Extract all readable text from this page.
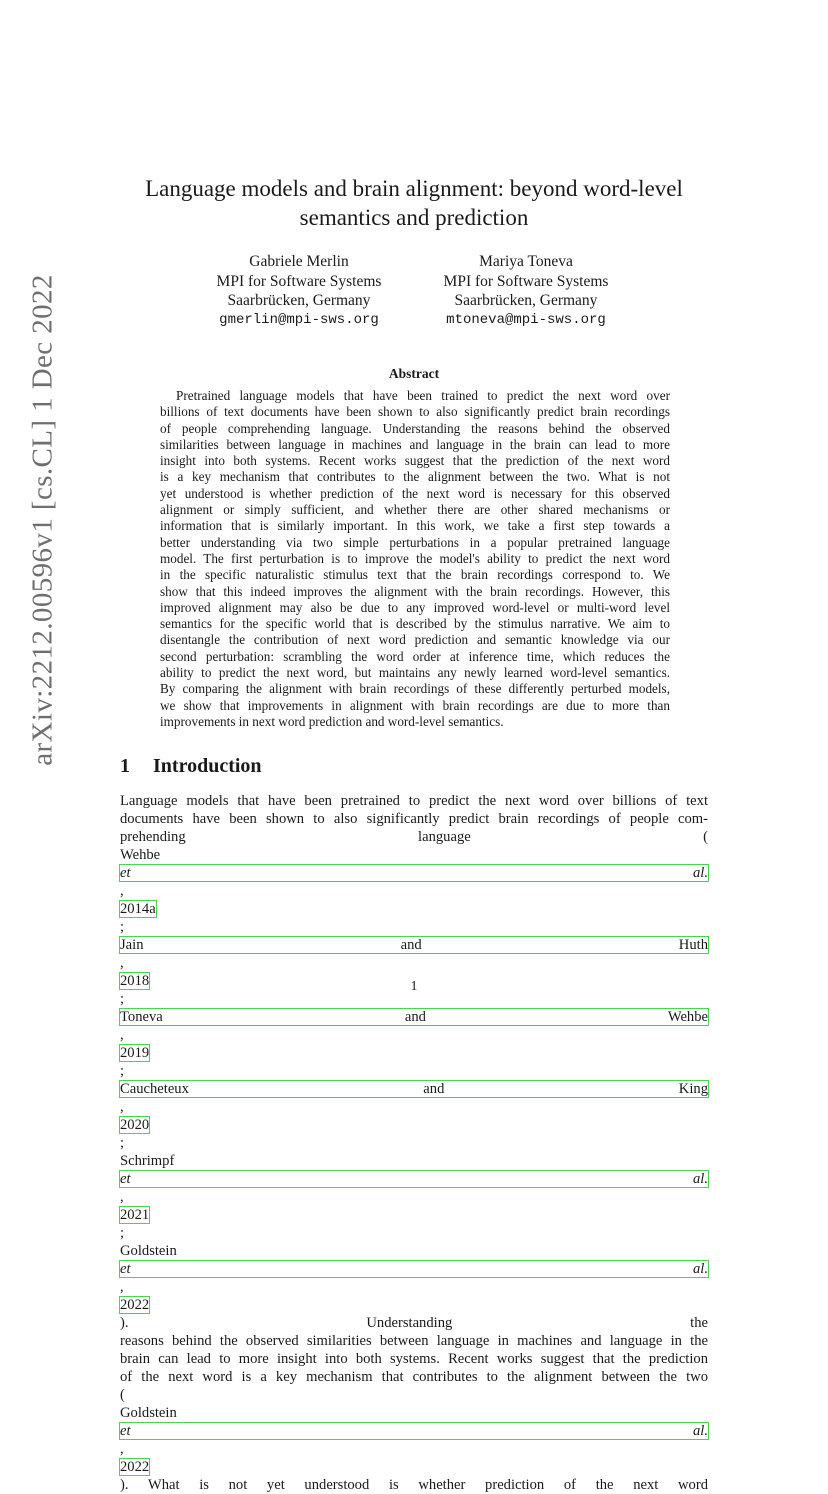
arXiv:2212.00596v1 [cs.CL] 1 Dec 2022
Language models and brain alignment: beyond word-level
semantics and prediction
Gabriele Merlin
MPI for Software Systems
Saarbrücken, Germany
gmerlin@mpi-sws.org
Mariya Toneva
MPI for Software Systems
Saarbrücken, Germany
mtoneva@mpi-sws.org
Abstract
Pretrained language models that have been trained to predict the next word over
billions of text documents have been shown to also significantly predict brain recordings
of people comprehending language. Understanding the reasons behind the observed
similarities between language in machines and language in the brain can lead to more
insight into both systems. Recent works suggest that the prediction of the next word
is a key mechanism that contributes to the alignment between the two. What is not
yet understood is whether prediction of the next word is necessary for this observed
alignment or simply sufficient, and whether there are other shared mechanisms or
information that is similarly important. In this work, we take a first step towards a
better understanding via two simple perturbations in a popular pretrained language
model. The first perturbation is to improve the model's ability to predict the next word
in the specific naturalistic stimulus text that the brain recordings correspond to. We
show that this indeed improves the alignment with the brain recordings. However, this
improved alignment may also be due to any improved word-level or multi-word level
semantics for the specific world that is described by the stimulus narrative. We aim to
disentangle the contribution of next word prediction and semantic knowledge via our
second perturbation: scrambling the word order at inference time, which reduces the
ability to predict the next word, but maintains any newly learned word-level semantics.
By comparing the alignment with brain recordings of these differently perturbed models,
we show that improvements in alignment with brain recordings are due to more than
improvements in next word prediction and word-level semantics.
1 Introduction
Language models that have been pretrained to predict the next word over billions of text
documents have been shown to also significantly predict brain recordings of people com-
prehending language (
Wehbe
et al.
,
2014a
;
Jain and Huth
,
2018
;
Toneva and Wehbe
,
2019
;
Caucheteux and King
,
2020
;
Schrimpf
et al.
,
2021
;
Goldstein
et al.
,
2022
). Understanding the
reasons behind the observed similarities between language in machines and language in the
brain can lead to more insight into both systems. Recent works suggest that the prediction
of the next word is a key mechanism that contributes to the alignment between the two
(
Goldstein
et al.
,
2022
). What is not yet understood is whether prediction of the next word
1
